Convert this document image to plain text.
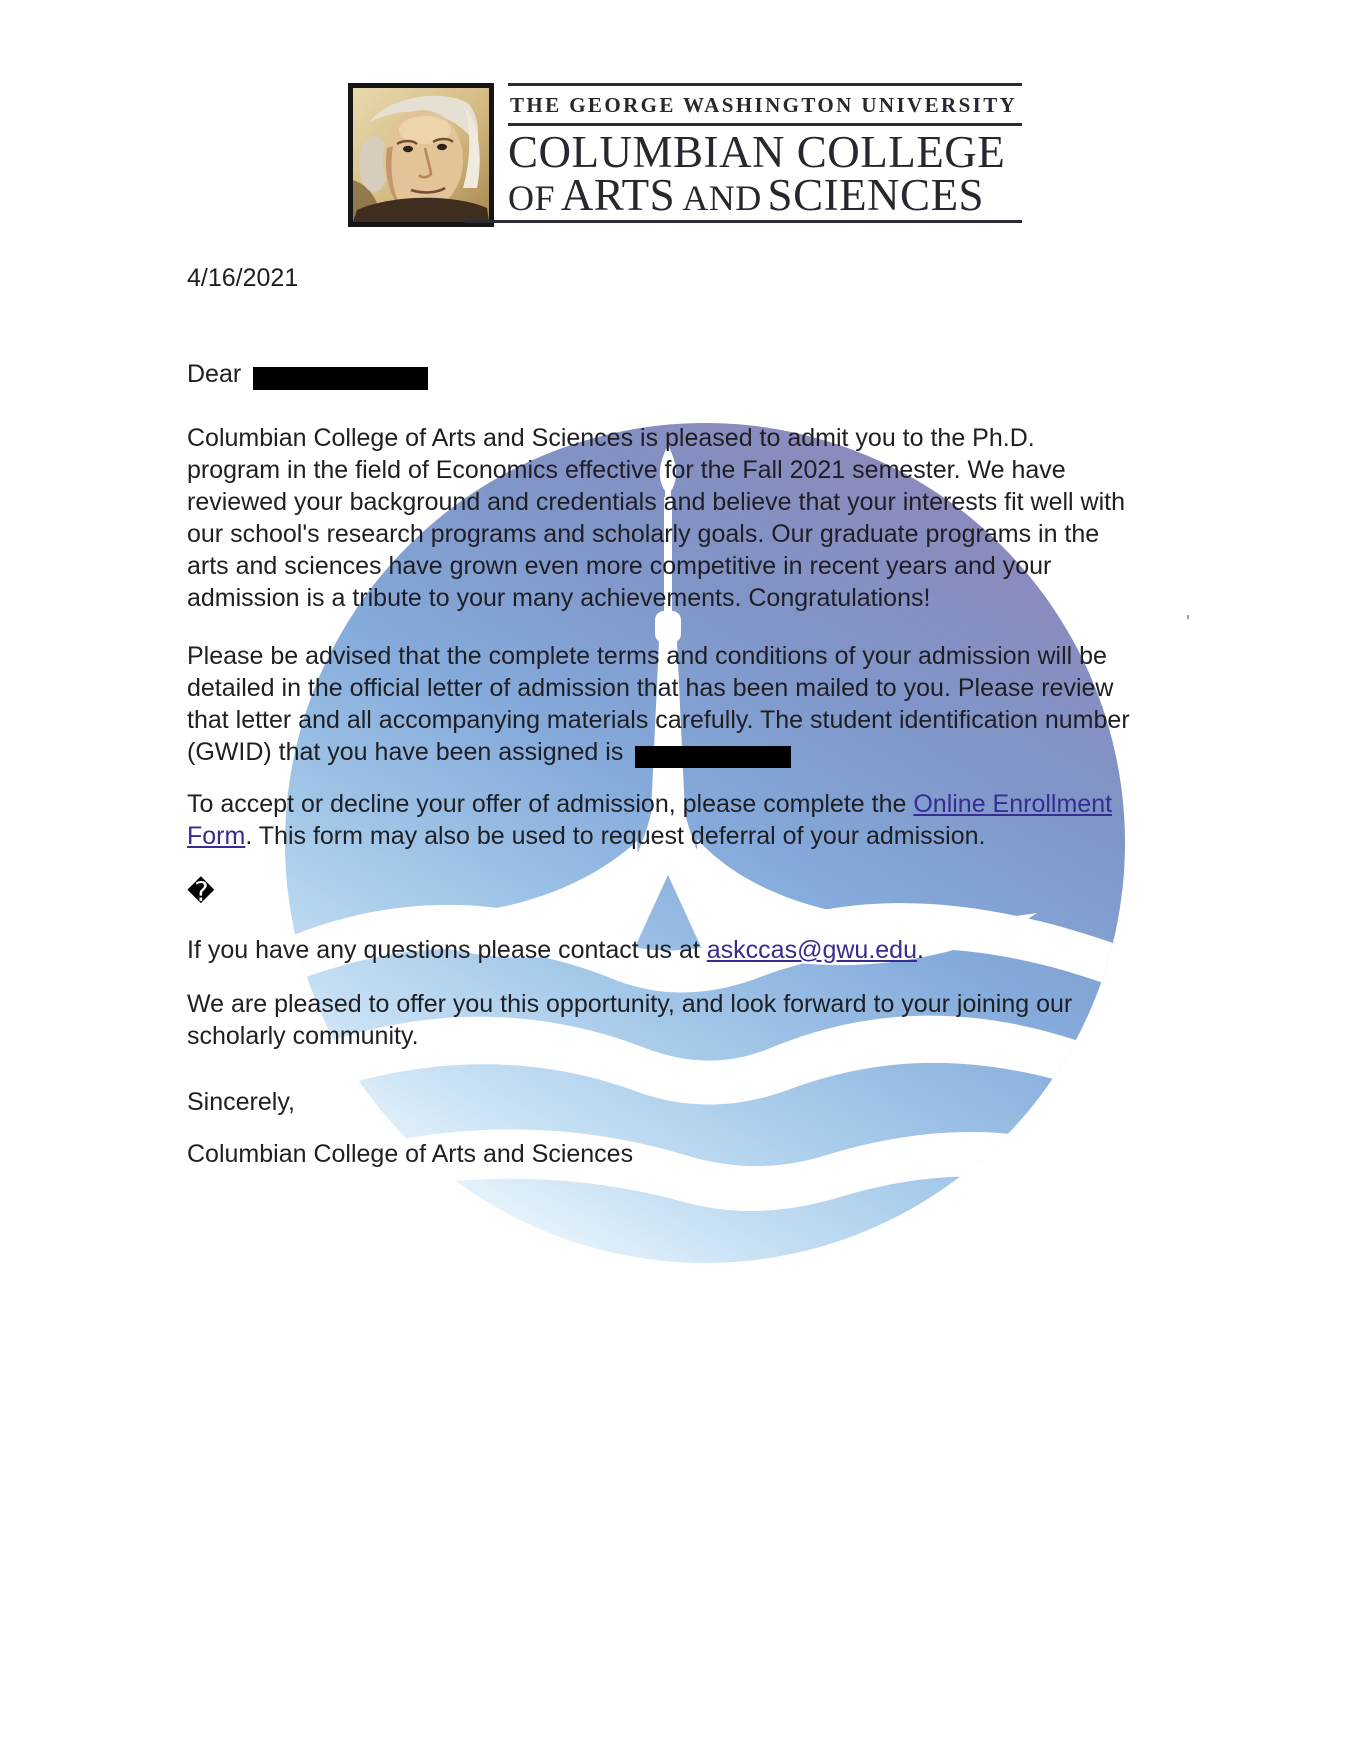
THE GEORGE WASHINGTON UNIVERSITY
COLUMBIAN COLLEGE
OF ARTS AND SCIENCES
4/16/2021
Dear
Columbian College of Arts and Sciences is pleased to admit you to the Ph.D.
program in the field of Economics effective for the Fall 2021 semester. We have
reviewed your background and credentials and believe that your interests fit well with
our school's research programs and scholarly goals. Our graduate programs in the
arts and sciences have grown even more competitive in recent years and your
admission is a tribute to your many achievements. Congratulations!
Please be advised that the complete terms and conditions of your admission will be
detailed in the official letter of admission that has been mailed to you. Please review
that letter and all accompanying materials carefully. The student identification number
(GWID) that you have been assigned is
To accept or decline your offer of admission, please complete the Online Enrollment
Form. This form may also be used to request deferral of your admission.
�
If you have any questions please contact us at askccas@gwu.edu.
We are pleased to offer you this opportunity, and look forward to your joining our
scholarly community.
Sincerely,
Columbian College of Arts and Sciences
'
